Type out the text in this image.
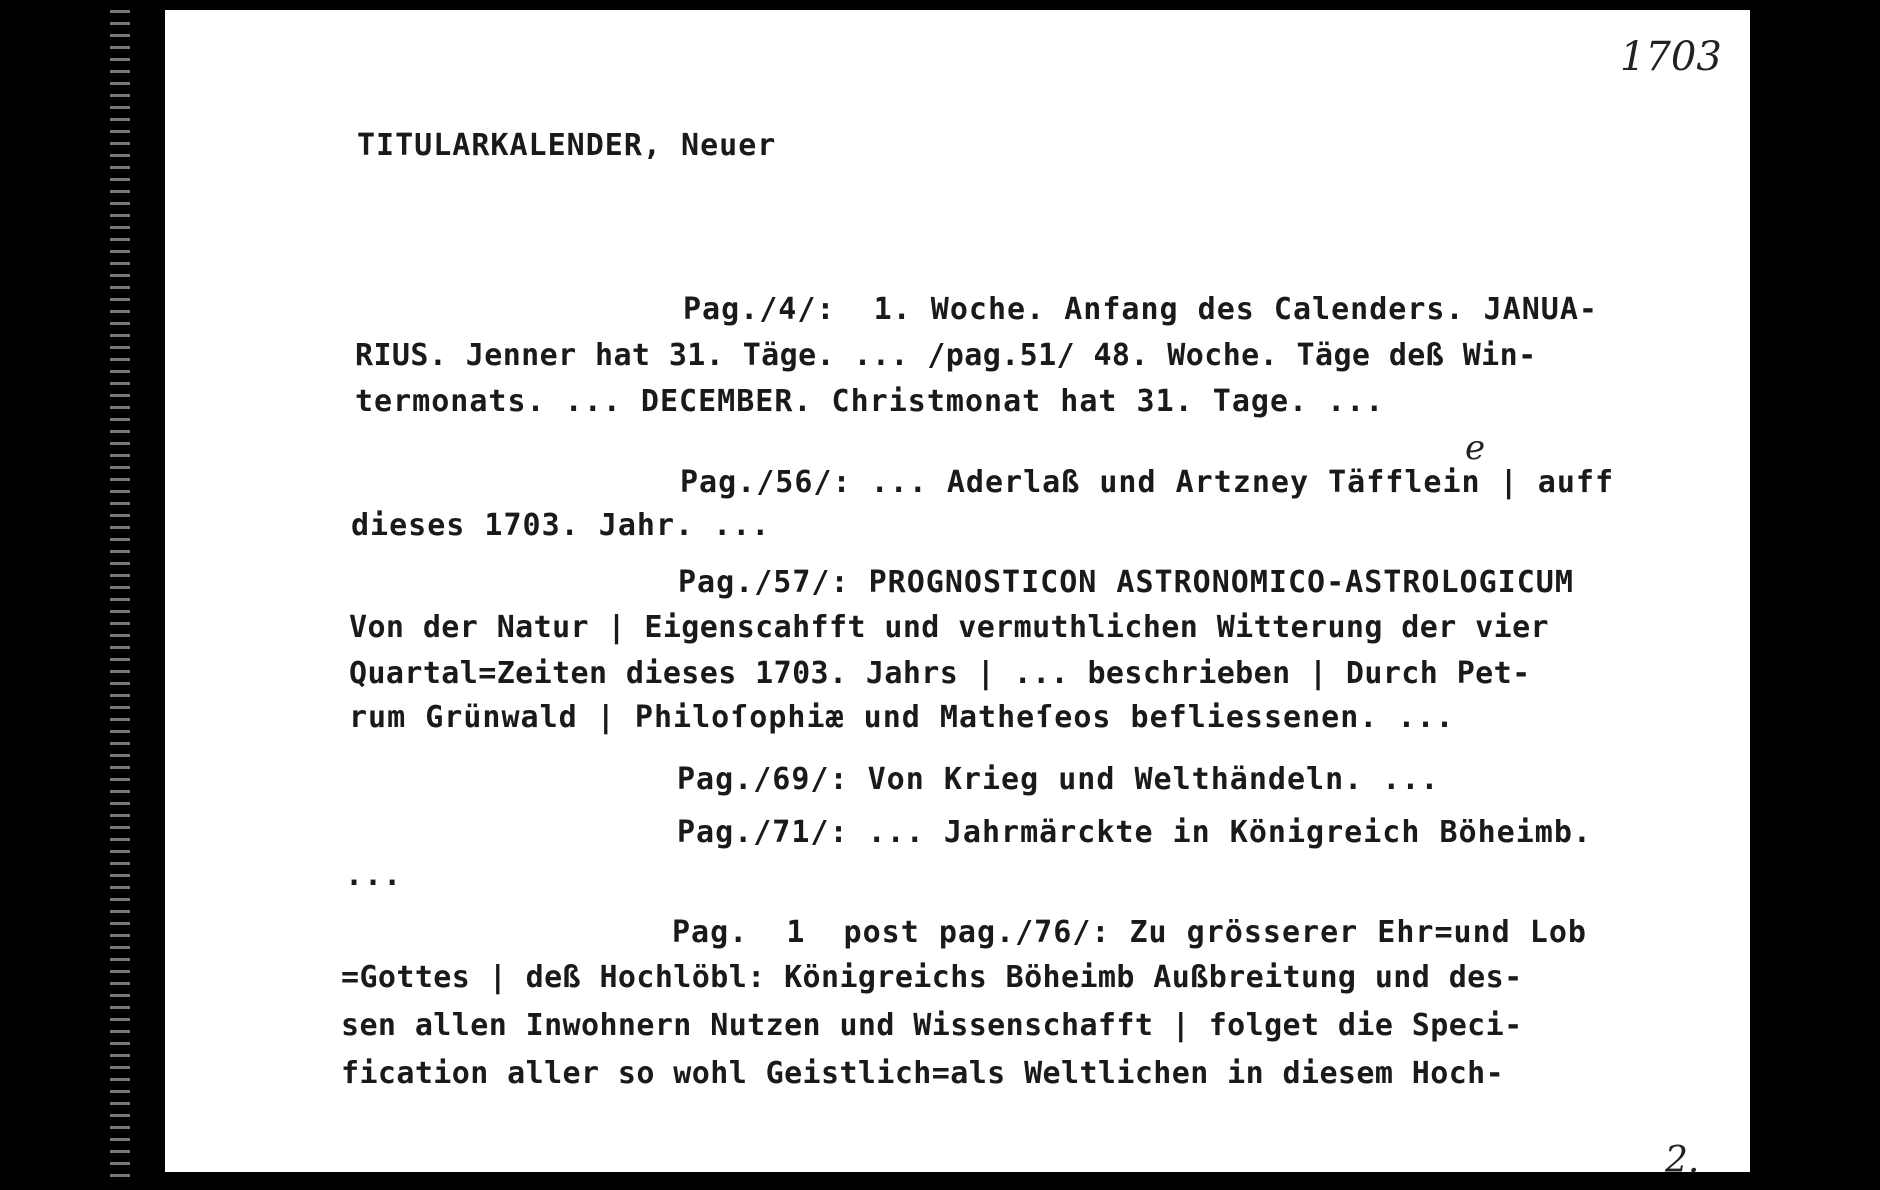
1703
TITULARKALENDER, Neuer
Pag./4/:  1. Woche. Anfang des Calenders. JANUA-
RIUS. Jenner hat 31. Täge. ... /pag.51/ 48. Woche. Täge deß Win-
termonats. ... DECEMBER. Christmonat hat 31. Tage. ...
e
Pag./56/: ... Aderlaß und Artzney Täfflein | auff
dieses 1703. Jahr. ...
Pag./57/: PROGNOSTICON ASTRONOMICO-ASTROLOGICUM
Von der Natur | Eigenscahfft und vermuthlichen Witterung der vier
Quartal=Zeiten dieses 1703. Jahrs | ... beschrieben | Durch Pet-
rum Grünwald | Philoſophiæ und Matheſeos befliessenen. ...
Pag./69/: Von Krieg und Welthändeln. ...
Pag./71/: ... Jahrmärckte in Königreich Böheimb.
...
Pag.  1  post pag./76/: Zu grösserer Ehr=und Lob
=Gottes | deß Hochlöbl: Königreichs Böheimb Außbreitung und des-
sen allen Inwohnern Nutzen und Wissenschafft | folget die Speci-
fication aller so wohl Geistlich=als Weltlichen in diesem Hoch-
2.
